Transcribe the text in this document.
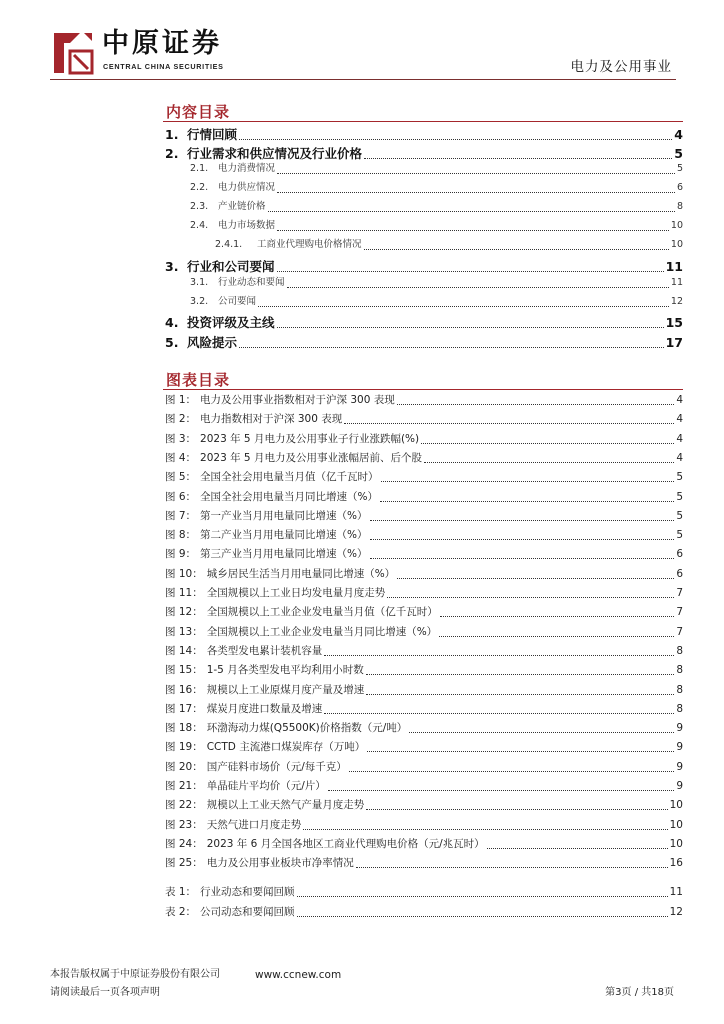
中原证券
CENTRAL CHINA SECURITIES	电力及公用事业
内容目录
1. 行情回顾	4
2. 行业需求和供应情况及行业价格	5
2.1.	电力消费情况	5
2.2.	电力供应情况	6
2.3.	产业链价格	8
2.4.	电力市场数据	10
2.4.1.	工商业代理购电价格情况	10
3. 行业和公司要闻	11
3.1.	行业动态和要闻	11
3.2.	公司要闻	12
4. 投资评级及主线	15
5. 风险提示	17
图表目录
图 1： 电力及公用事业指数相对于沪深 300 表现	4
图 2： 电力指数相对于沪深 300 表现	4
图 3： 2023 年 5 月电力及公用事业子行业涨跌幅(%)	4
图 4： 2023 年 5 月电力及公用事业涨幅居前、后个股	4
图 5： 全国全社会用电量当月值（亿千瓦时）	5
图 6： 全国全社会用电量当月同比增速（%）	5
图 7： 第一产业当月用电量同比增速（%）	5
图 8： 第二产业当月用电量同比增速（%）	5
图 9： 第三产业当月用电量同比增速（%）	6
图 10： 城乡居民生活当月用电量同比增速（%）	6
图 11： 全国规模以上工业日均发电量月度走势	7
图 12： 全国规模以上工业企业发电量当月值（亿千瓦时）	7
图 13： 全国规模以上工业企业发电量当月同比增速（%）	7
图 14： 各类型发电累计装机容量	8
图 15： 1-5 月各类型发电平均利用小时数	8
图 16： 规模以上工业原煤月度产量及增速	8
图 17： 煤炭月度进口数量及增速	8
图 18： 环渤海动力煤(Q5500K)价格指数（元/吨）	9
图 19： CCTD 主流港口煤炭库存（万吨）	9
图 20： 国产硅料市场价（元/每千克）	9
图 21： 单晶硅片平均价（元/片）	9
图 22： 规模以上工业天然气产量月度走势	10
图 23： 天然气进口月度走势	10
图 24： 2023 年 6 月全国各地区工商业代理购电价格（元/兆瓦时）	10
图 25： 电力及公用事业板块市净率情况	16
表 1： 行业动态和要闻回顾	11
表 2： 公司动态和要闻回顾	12
本报告版权属于中原证券股份有限公司	www.ccnew.com
请阅读最后一页各项声明	第3页 / 共18页
